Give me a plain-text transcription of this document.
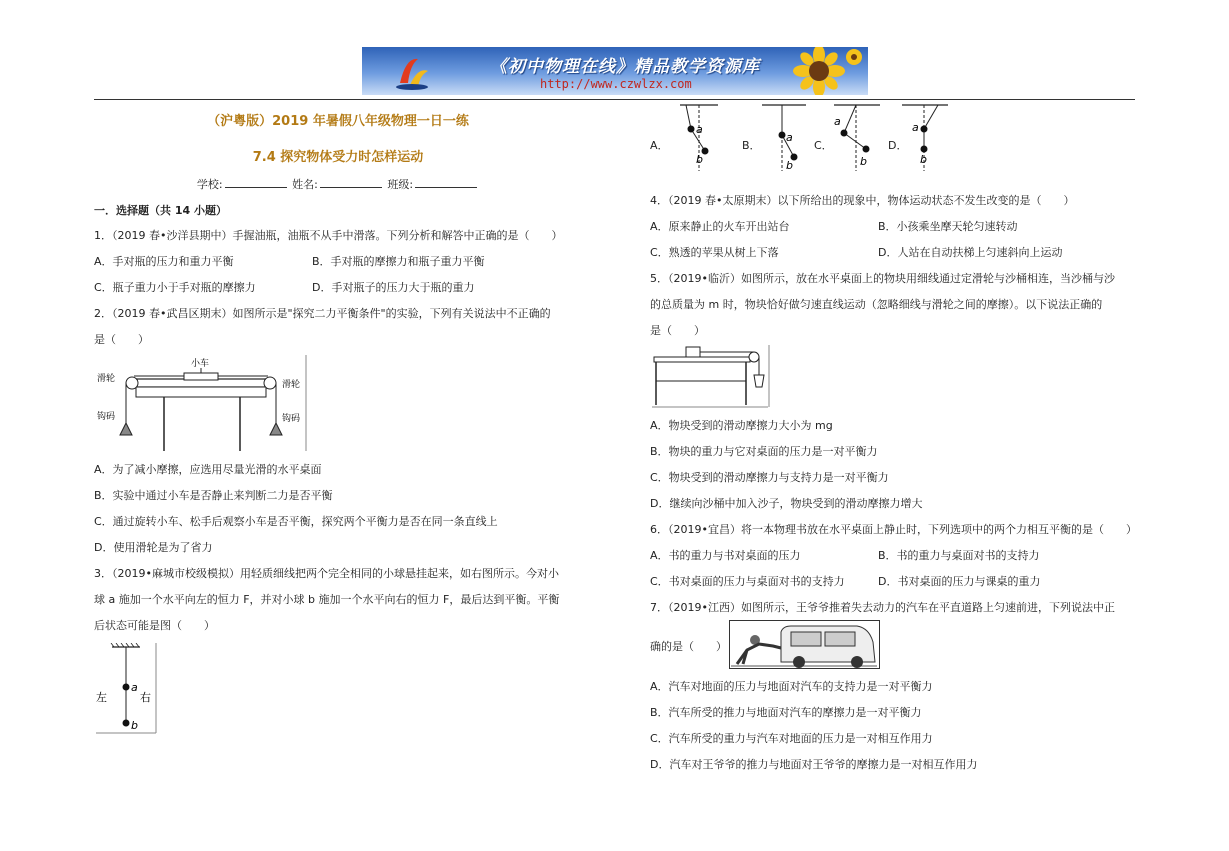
《初中物理在线》精品教学资源库
http://www.czwlzx.com
（沪粤版）2019 年暑假八年级物理一日一练
7.4 探究物体受力时怎样运动
学校:	姓名:	班级:
一．选择题（共 14 小题）
1．（2019 春•沙洋县期中）手握油瓶，油瓶不从手中滑落。下列分析和解答中正确的是（　　）
A．手对瓶的压力和重力平衡	B．手对瓶的摩擦力和瓶子重力平衡
C．瓶子重力小于手对瓶的摩擦力	D．手对瓶子的压力大于瓶的重力
2．（2019 春•武昌区期末）如图所示是"探究二力平衡条件"的实验，下列有关说法中不正确的
是（　　）
小车
滑轮
滑轮
钩码	钩码
A．为了减小摩擦，应选用尽量光滑的水平桌面
B．实验中通过小车是否静止来判断二力是否平衡
C．通过旋转小车、松手后观察小车是否平衡，探究两个平衡力是否在同一条直线上
D．使用滑轮是为了省力
3．（2019•麻城市校级模拟）用轻质细线把两个完全相同的小球悬挂起来，如右图所示。今对小
球 a 施加一个水平向左的恒力 F，并对小球 b 施加一个水平向右的恒力 F，最后达到平衡。平衡
后状态可能是图（　　）
左	右
a
b
A．
a
b
B．
a
b
C．
a
b
D．
a
b
4．（2019 春•太原期末）以下所给出的现象中，物体运动状态不发生改变的是（　　）
A．原来静止的火车开出站台	B．小孩乘坐摩天轮匀速转动
C．熟透的苹果从树上下落	D．人站在自动扶梯上匀速斜向上运动
5．（2019•临沂）如图所示，放在水平桌面上的物块用细线通过定滑轮与沙桶相连，当沙桶与沙
的总质量为 m 时，物块恰好做匀速直线运动（忽略细线与滑轮之间的摩擦）。以下说法正确的
是（　　）
A．物块受到的滑动摩擦力大小为 mg
B．物块的重力与它对桌面的压力是一对平衡力
C．物块受到的滑动摩擦力与支持力是一对平衡力
D．继续向沙桶中加入沙子，物块受到的滑动摩擦力增大
6．（2019•宜昌）将一本物理书放在水平桌面上静止时，下列选项中的两个力相互平衡的是（　　）
A．书的重力与书对桌面的压力	B．书的重力与桌面对书的支持力
C．书对桌面的压力与桌面对书的支持力	D．书对桌面的压力与课桌的重力
7．（2019•江西）如图所示，王爷爷推着失去动力的汽车在平直道路上匀速前进，下列说法中正
确的是（　　）
A．汽车对地面的压力与地面对汽车的支持力是一对平衡力
B．汽车所受的推力与地面对汽车的摩擦力是一对平衡力
C．汽车所受的重力与汽车对地面的压力是一对相互作用力
D．汽车对王爷爷的推力与地面对王爷爷的摩擦力是一对相互作用力
